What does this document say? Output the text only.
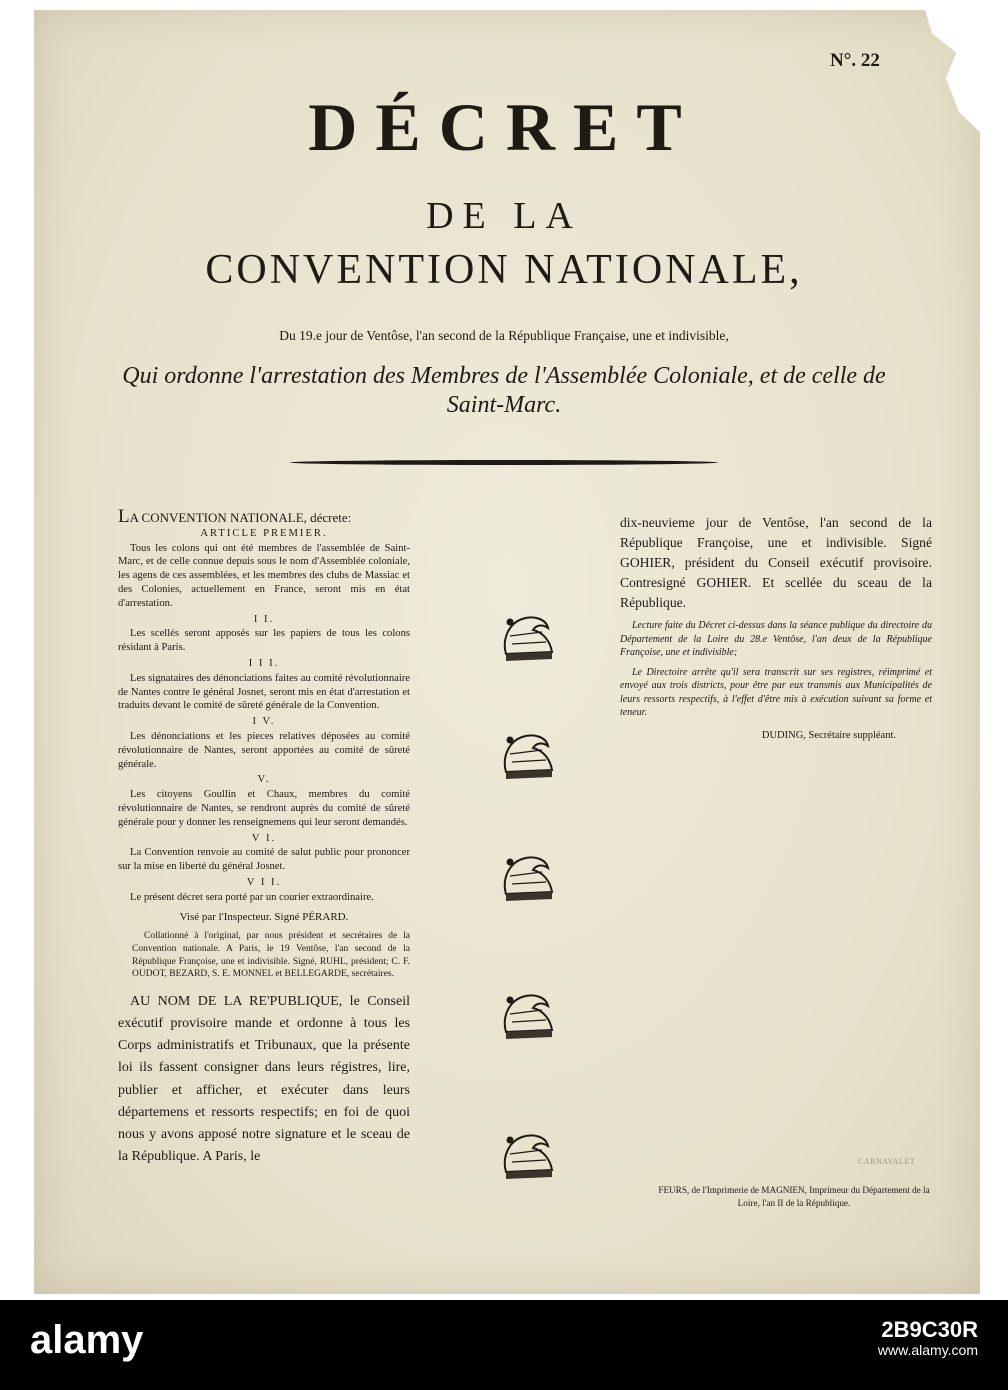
N°. 22
DÉCRET
DE LA
CONVENTION NATIONALE,
Du 19.e jour de Ventôse, l'an second de la République Française, une et indivisible,
Qui ordonne l'arrestation des Membres de l'Assemblée Coloniale, et de celle de Saint-Marc.

LA CONVENTION NATIONALE, décrete:

ARTICLE PREMIER.

Tous les colons qui ont été membres de l'assemblée de Saint-Marc, et de celle connue depuis sous le nom d'Assemblée coloniale, les agens de ces assemblées, et les membres des clubs de Massiac et des Colonies, actuellement en France, seront mis en état d'arrestation.

I I.

Les scellés seront apposés sur les papiers de tous les colons résidant à Paris.

I I I.

Les signataires des dénonciations faites au comité révolutionnaire de Nantes contre le général Josnet, seront mis en état d'arrestation et traduits devant le comité de sûreté générale de la Convention.

I V.

Les dénonciations et les pieces relatives déposées au comité révolutionnaire de Nantes, seront apportées au comité de sûreté générale.

V.

Les citoyens Goullin et Chaux, membres du comité révolutionnaire de Nantes, se rendront auprès du comité de sûreté générale pour y donner les renseignemens qui leur seront demandés.

V I.

La Convention renvoie au comité de salut public pour prononcer sur la mise en liberté du général Josnet.

V I I.

Le présent décret sera porté par un courier extraordinaire.

Visé par l'Inspecteur. Signé PÉRARD.

Collationné à l'original, par nous président et secrétaires de la Convention nationale. A Paris, le 19 Ventôse, l'an second de la République Françoise, une et indivisible. Signé, RUHL, président; C. F. OUDOT, BEZARD, S. E. MONNEL et BELLEGARDE, secrétaires.

AU NOM DE LA RE'PUBLIQUE, le Conseil exécutif provisoire mande et ordonne à tous les Corps administratifs et Tribunaux, que la présente loi ils fassent consigner dans leurs régistres, lire, publier et afficher, et exécuter dans leurs départemens et ressorts respectifs; en foi de quoi nous y avons apposé notre signature et le sceau de la République. A Paris, le

dix-neuvieme jour de Ventôse, l'an second de la République Françoise, une et indivisible. Signé GOHIER, président du Conseil exécutif provisoire. Contresigné GOHIER. Et scellée du sceau de la République.

Lecture faite du Décret ci-dessus dans la séance publique du directoire du Département de la Loire du 28.e Ventôse, l'an deux de la République Françoise, une et indivisible;

Le Directoire arrête qu'il sera transcrit sur ses registres, réimprimé et envoyé aux trois districts, pour être par eux transmis aux Municipalités de leurs ressorts respectifs, à l'effet d'être mis à exécution suivant sa forme et teneur.

DUDING, Secrétaire suppléant.

CARNAVALET
FEURS, de l'Imprimerie de MAGNIEN, Imprimeur du Département de la Loire, l'an II de la République.
alamy	2B9C30R
www.alamy.com
